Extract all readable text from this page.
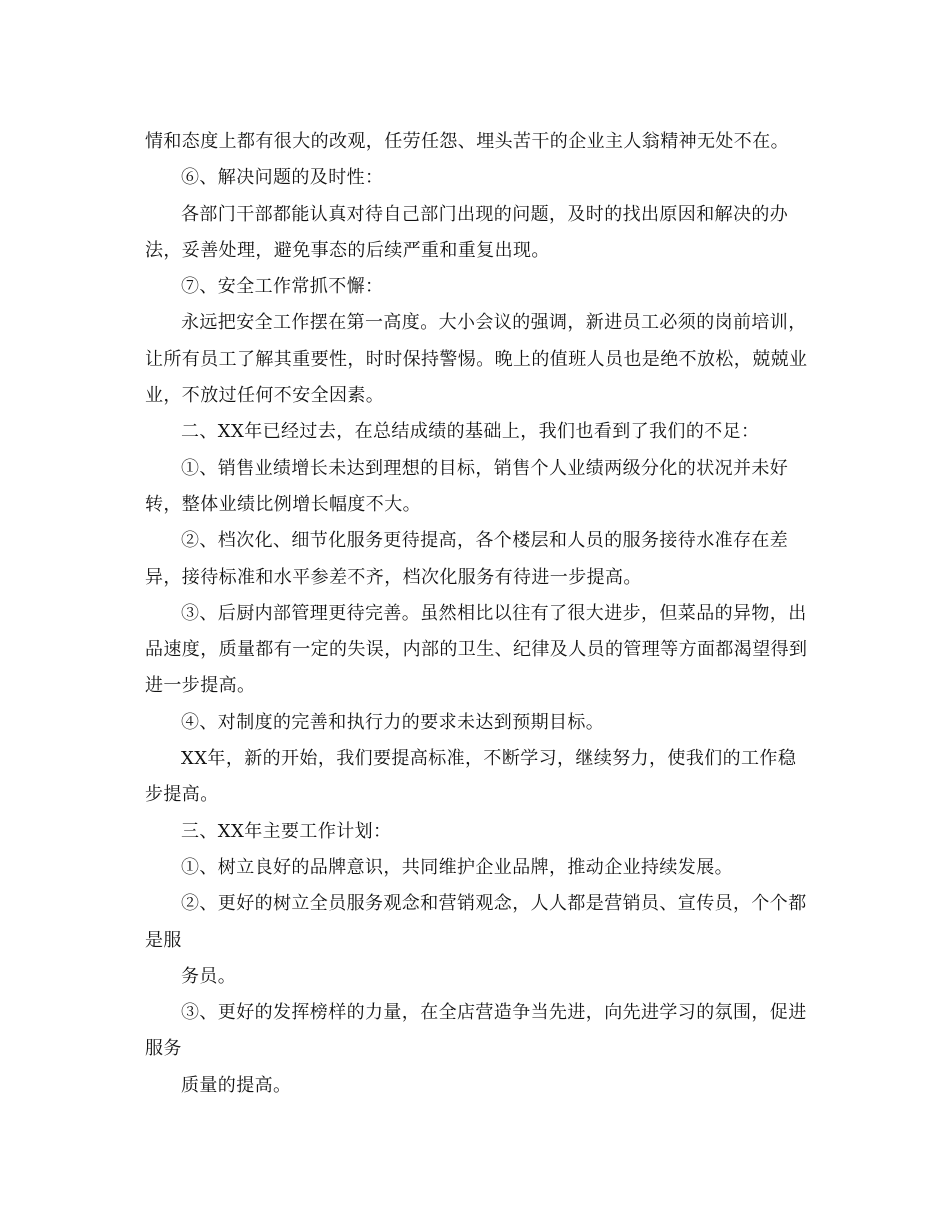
情和态度上都有很大的改观，任劳任怨、埋头苦干的企业主人翁精神无处不在。

⑥、解决问题的及时性：

各部门干部都能认真对待自己部门出现的问题，及时的找出原因和解决的办法，妥善处理，避免事态的后续严重和重复出现。

⑦、安全工作常抓不懈：

永远把安全工作摆在第一高度。大小会议的强调，新进员工必须的岗前培训，让所有员工了解其重要性，时时保持警惕。晚上的值班人员也是绝不放松，兢兢业业，不放过任何不安全因素。

二、XX年已经过去，在总结成绩的基础上，我们也看到了我们的不足：

①、销售业绩增长未达到理想的目标，销售个人业绩两级分化的状况并未好转，整体业绩比例增长幅度不大。

②、档次化、细节化服务更待提高，各个楼层和人员的服务接待水准存在差异，接待标准和水平参差不齐，档次化服务有待进一步提高。

③、后厨内部管理更待完善。虽然相比以往有了很大进步，但菜品的异物，出品速度，质量都有一定的失误，内部的卫生、纪律及人员的管理等方面都渴望得到进一步提高。

④、对制度的完善和执行力的要求未达到预期目标。

XX年，新的开始，我们要提高标准，不断学习，继续努力，使我们的工作稳步提高。

三、XX年主要工作计划：

①、树立良好的品牌意识，共同维护企业品牌，推动企业持续发展。

②、更好的树立全员服务观念和营销观念，人人都是营销员、宣传员，个个都是服

务员。

③、更好的发挥榜样的力量，在全店营造争当先进，向先进学习的氛围，促进服务

质量的提高。
